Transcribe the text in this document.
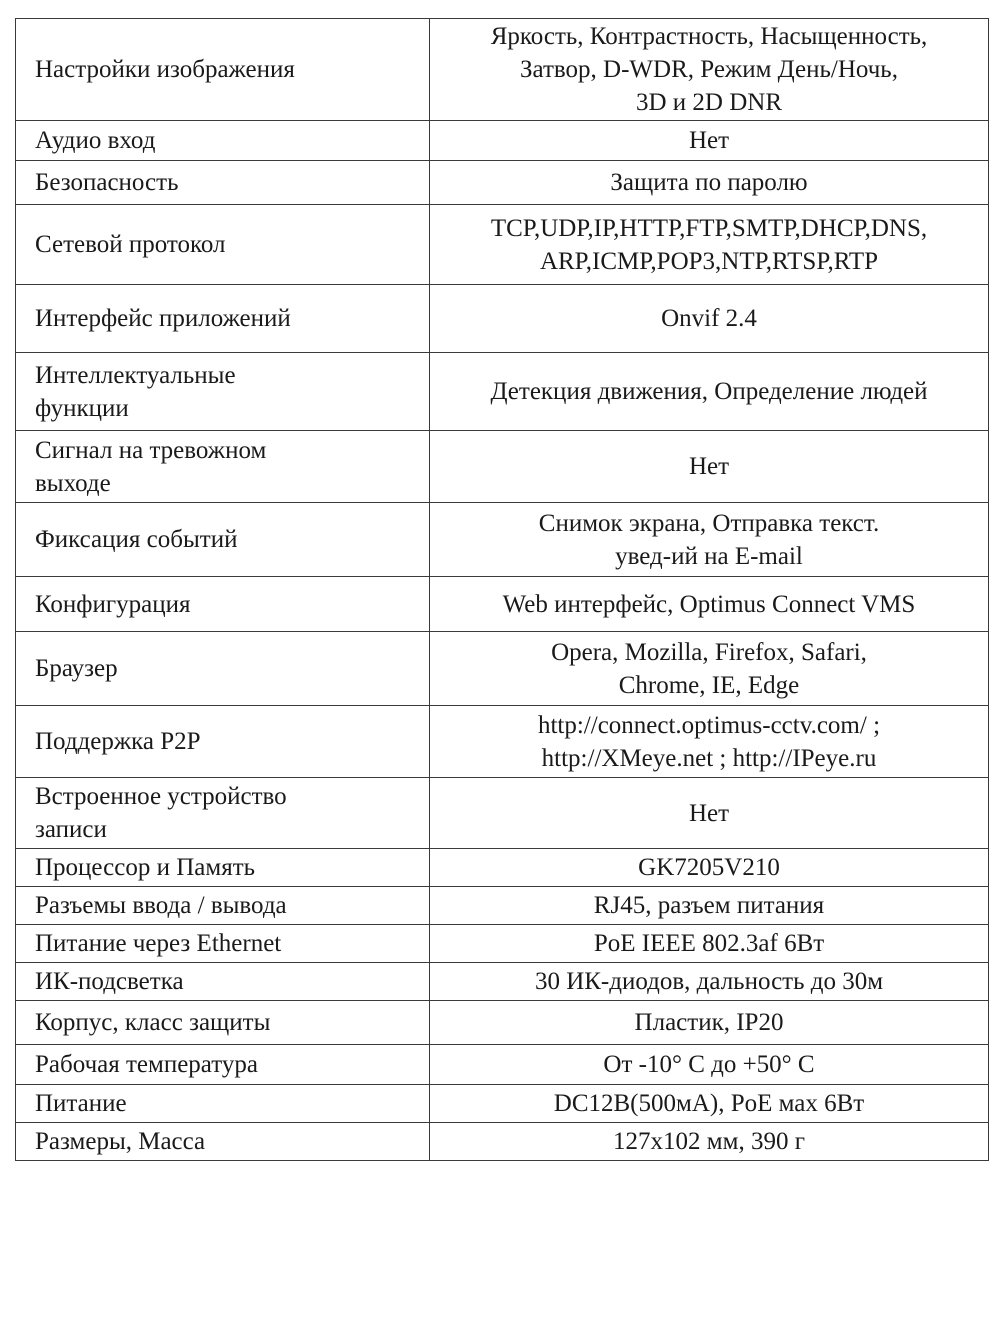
Настройки изображения	Яркость, Контрастность, Насыщенность,
Затвор, D-WDR, Режим День/Ночь,
3D и 2D DNR
Аудио вход	Нет
Безопасность	Защита по паролю
Сетевой протокол	TCP,UDP,IP,HTTP,FTP,SMTP,DHCP,DNS,
ARP,ICMP,POP3,NTP,RTSP,RTP
Интерфейс приложений	Onvif 2.4
Интеллектуальные
функции	Детекция движения, Определение людей
Сигнал на тревожном
выходе	Нет
Фиксация событий	Снимок экрана, Отправка текст.
увед-ий на E-mail
Конфигурация	Web интерфейс, Optimus Connect VMS
Браузер	Opera, Mozilla, Firefox, Safari,
Chrome, IE, Edge
Поддержка P2P	http://connect.optimus-cctv.com/ ;
http://XMeye.net ; http://IPeye.ru
Встроенное устройство
записи	Нет
Процессор и Память	GK7205V210
Разъемы ввода / вывода	RJ45, разъем питания
Питание через Ethernet	PoE IEEE 802.3af 6Вт
ИК-подсветка	30 ИК-диодов, дальность до 30м
Корпус, класс защиты	Пластик, IP20
Рабочая температура	От -10° С до +50° С
Питание	DC12В(500мА), PoE мах 6Вт
Размеры, Масса	127х102 мм, 390 г
